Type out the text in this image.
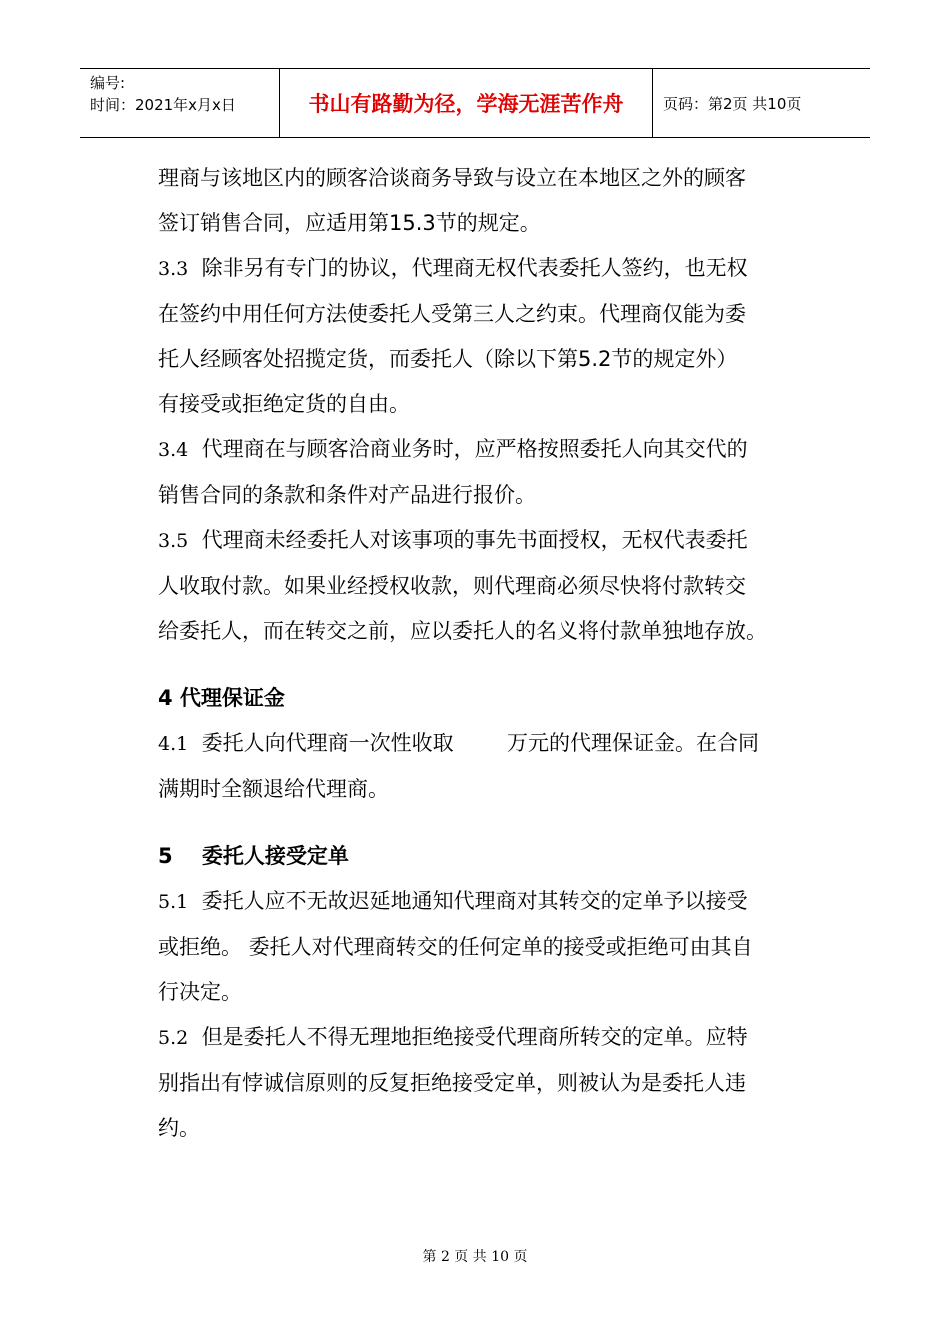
编号:
时间：2021年x月x日	书山有路勤为径，学海无涯苦作舟	页码：第2页 共10页

理商与该地区内的顾客洽谈商务导致与设立在本地区之外的顾客

签订销售合同，应适用第15.3节的规定。

3.3 除非另有专门的协议，代理商无权代表委托人签约，也无权

在签约中用任何方法使委托人受第三人之约束。代理商仅能为委

托人经顾客处招揽定货，而委托人（除以下第5.2节的规定外）

有接受或拒绝定货的自由。

3.4 代理商在与顾客洽商业务时，应严格按照委托人向其交代的

销售合同的条款和条件对产品进行报价。

3.5 代理商未经委托人对该事项的事先书面授权，无权代表委托

人收取付款。如果业经授权收款，则代理商必须尽快将付款转交

给委托人，而在转交之前，应以委托人的名义将付款单独地存放。

4 代理保证金

4.1 委托人向代理商一次性收取        万元的代理保证金。在合同

满期时全额退给代理商。

5    委托人接受定单

5.1 委托人应不无故迟延地通知代理商对其转交的定单予以接受

或拒绝。 委托人对代理商转交的任何定单的接受或拒绝可由其自

行决定。

5.2 但是委托人不得无理地拒绝接受代理商所转交的定单。应特

别指出有悖诚信原则的反复拒绝接受定单，则被认为是委托人违

约。

第 2 页 共 10 页
